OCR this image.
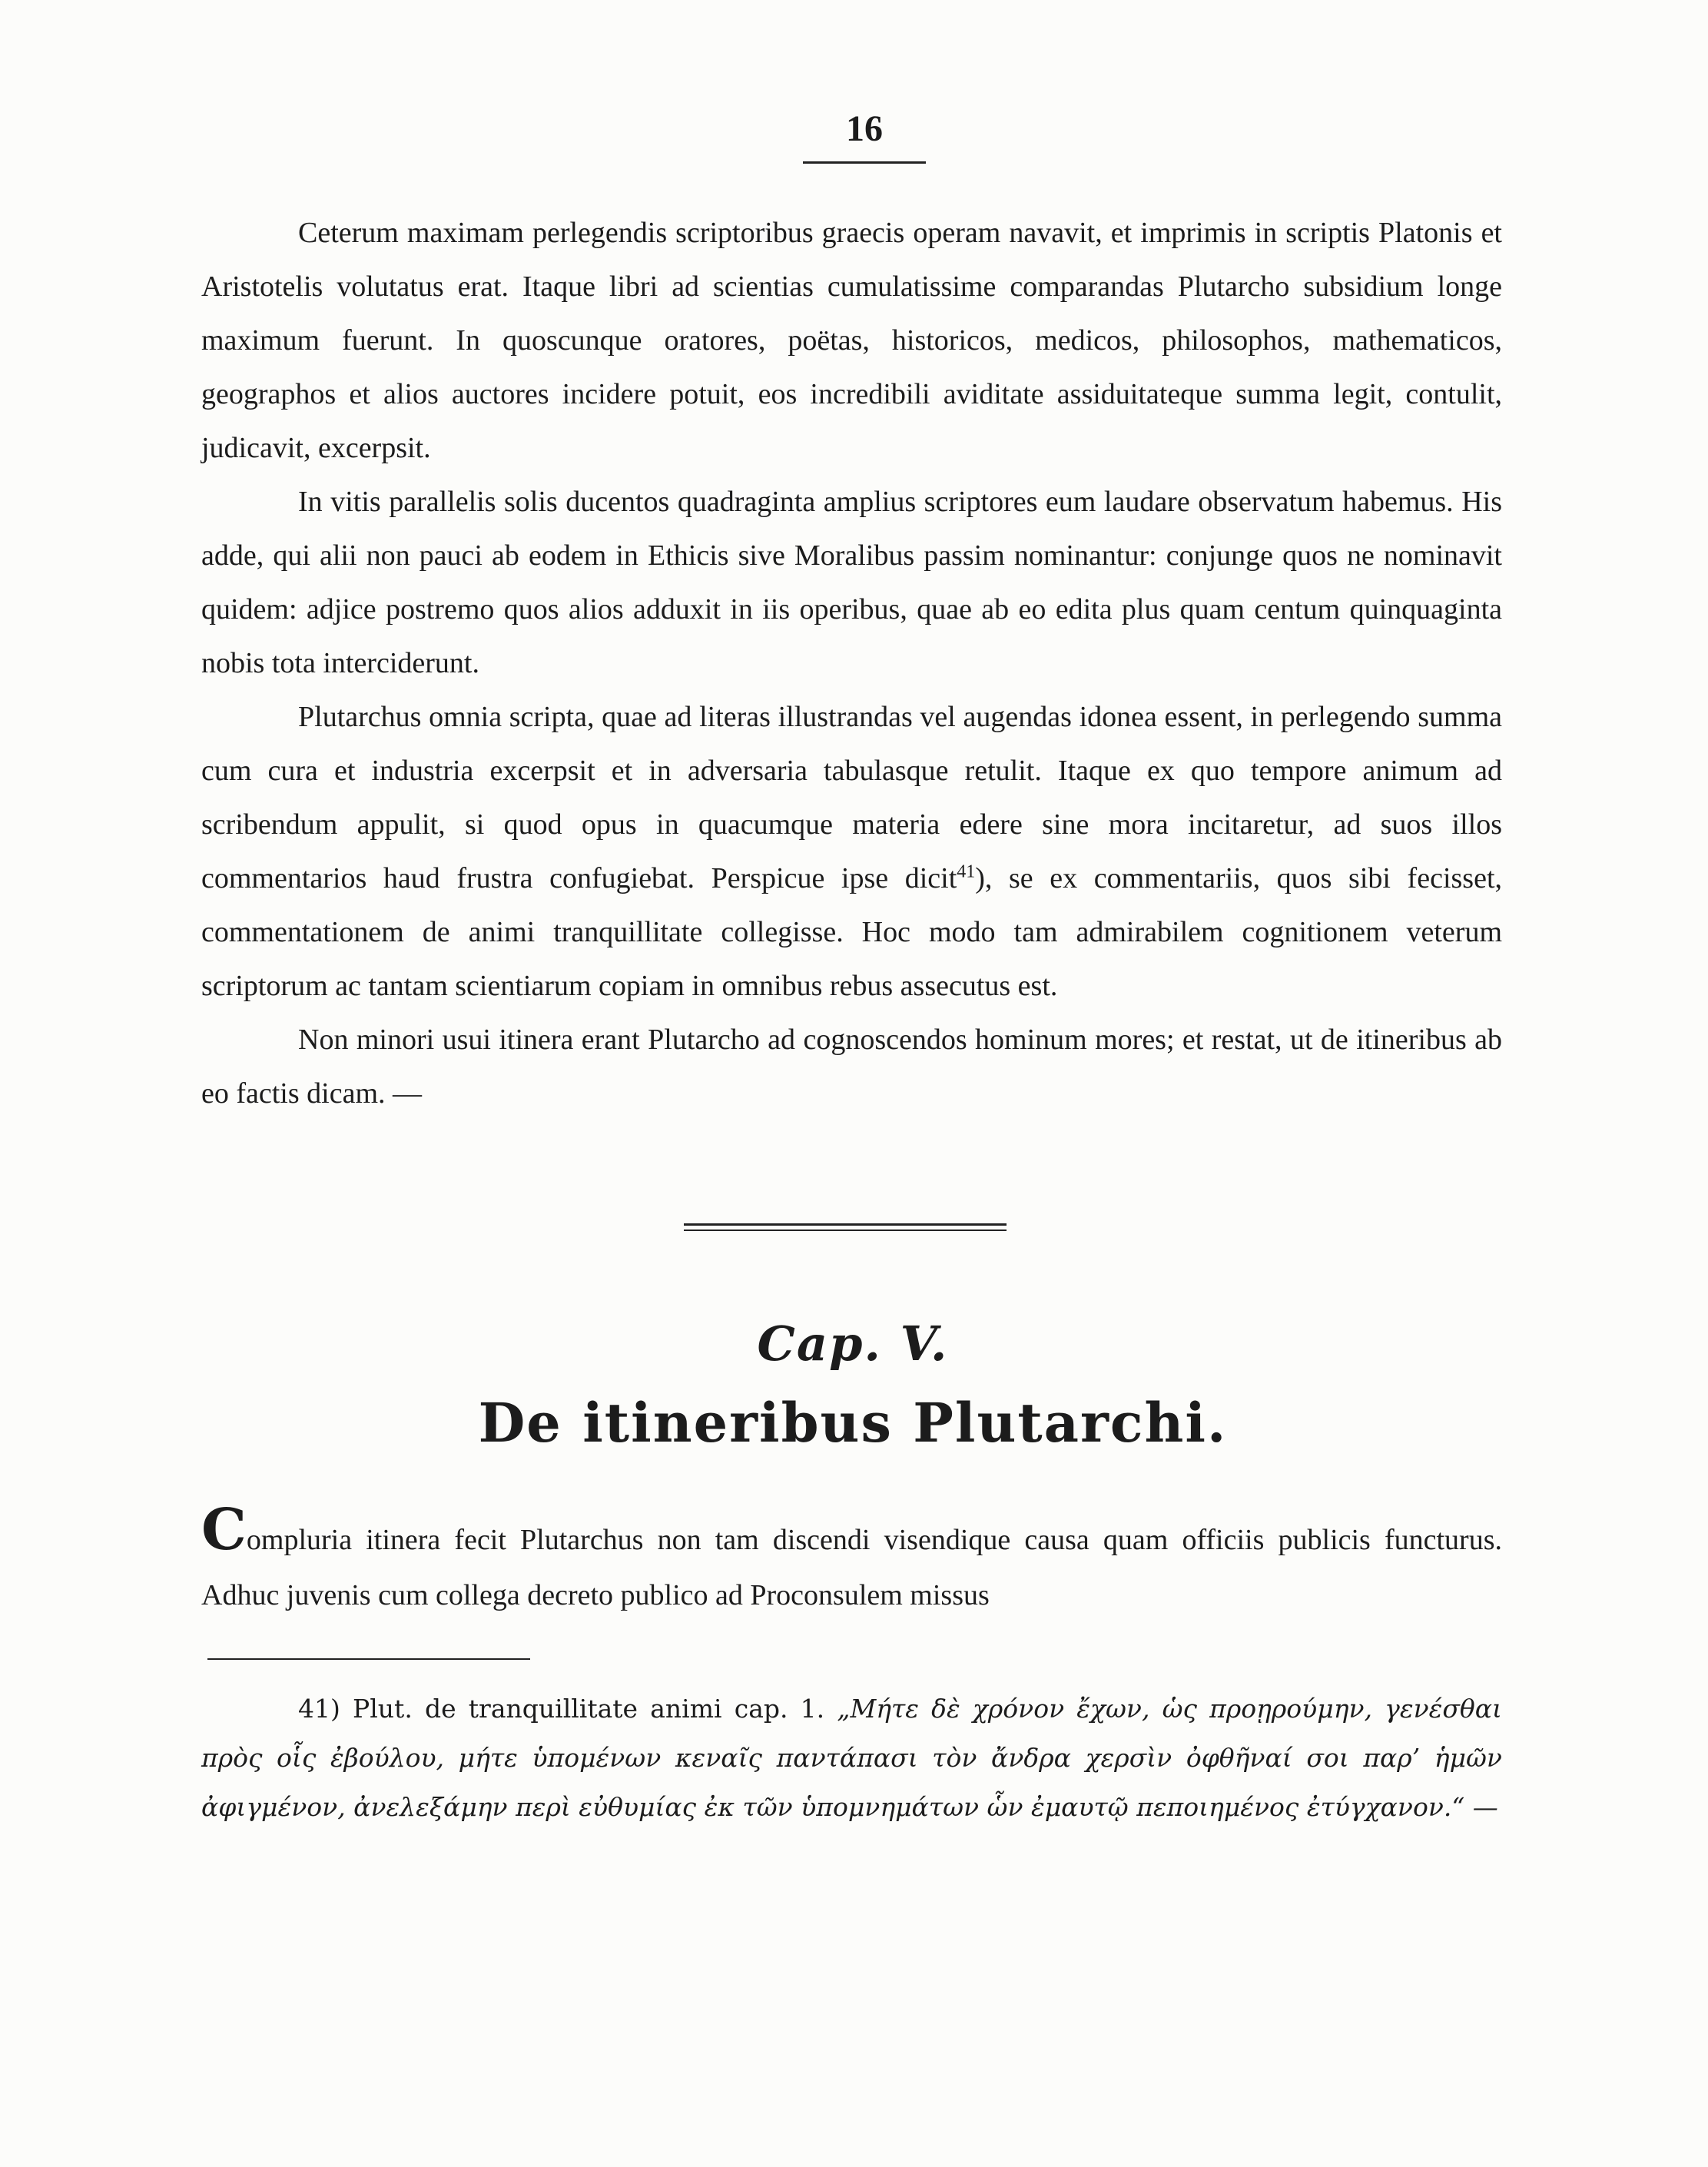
16

Ceterum maximam perlegendis scriptoribus graecis operam navavit, et imprimis in scriptis Platonis et Aristotelis volutatus erat. Itaque libri ad scientias cumulatissime comparandas Plutarcho subsidium longe maximum fuerunt. In quoscunque oratores, poëtas, historicos, medicos, philosophos, mathematicos, geographos et alios auctores incidere potuit, eos incredibili aviditate assiduitateque summa legit, contulit, judicavit, excerpsit.

In vitis parallelis solis ducentos quadraginta amplius scriptores eum laudare observatum habemus. His adde, qui alii non pauci ab eodem in Ethicis sive Moralibus passim nominantur: conjunge quos ne nominavit quidem: adjice postremo quos alios adduxit in iis operibus, quae ab eo edita plus quam centum quinquaginta nobis tota interciderunt.

Plutarchus omnia scripta, quae ad literas illustrandas vel augendas idonea essent, in perlegendo summa cum cura et industria excerpsit et in adversaria tabulasque retulit. Itaque ex quo tempore animum ad scribendum appulit, si quod opus in quacumque materia edere sine mora incitaretur, ad suos illos commentarios haud frustra confugiebat. Perspicue ipse dicit$^{41}$), se ex commentariis, quos sibi fecisset, commentationem de animi tranquillitate collegisse. Hoc modo tam admirabilem cognitionem veterum scriptorum ac tantam scientiarum copiam in omnibus rebus assecutus est.

Non minori usui itinera erant Plutarcho ad cognoscendos hominum mores; et restat, ut de itineribus ab eo factis dicam. —

Cap. V.
De itineribus Plutarchi.

Compluria itinera fecit Plutarchus non tam discendi visendique causa quam officiis publicis functurus. Adhuc juvenis cum collega decreto publico ad Proconsulem missus

41) Plut. de tranquillitate animi cap. 1. „Μήτε δὲ χρόνον ἔχων, ὡς προῃρούμην, γενέσθαι πρὸς οἷς ἐβούλου, μήτε ὑπομένων κεναῖς παντάπασι τὸν ἄνδρα χερσὶν ὀφθῆναί σοι παρ’ ἡμῶν ἀφιγμένον, ἀνελεξάμην περὶ εὐθυμίας ἐκ τῶν ὑπομνημάτων ὧν ἐμαυτῷ πεποιημένος ἐτύγχανον.“ —
